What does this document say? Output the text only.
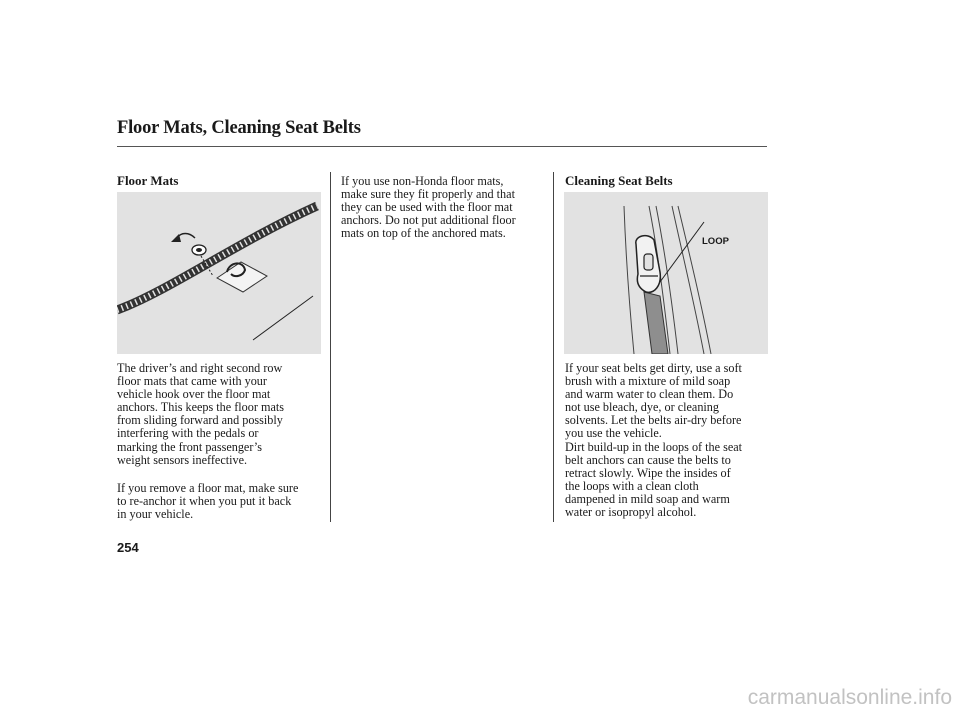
Floor Mats, Cleaning Seat Belts
Floor Mats
The driver’s and right second row
floor mats that came with your
vehicle hook over the floor mat
anchors. This keeps the floor mats
from sliding forward and possibly
interfering with the pedals or
marking the front passenger’s
weight sensors ineffective.
If you remove a floor mat, make sure
to re-anchor it when you put it back
in your vehicle.
If you use non-Honda floor mats,
make sure they fit properly and that
they can be used with the floor mat
anchors. Do not put additional floor
mats on top of the anchored mats.
Cleaning Seat Belts
LOOP
If your seat belts get dirty, use a soft
brush with a mixture of mild soap
and warm water to clean them. Do
not use bleach, dye, or cleaning
solvents. Let the belts air-dry before
you use the vehicle.
Dirt build-up in the loops of the seat
belt anchors can cause the belts to
retract slowly. Wipe the insides of
the loops with a clean cloth
dampened in mild soap and warm
water or isopropyl alcohol.
254
carmanualsonline.info
